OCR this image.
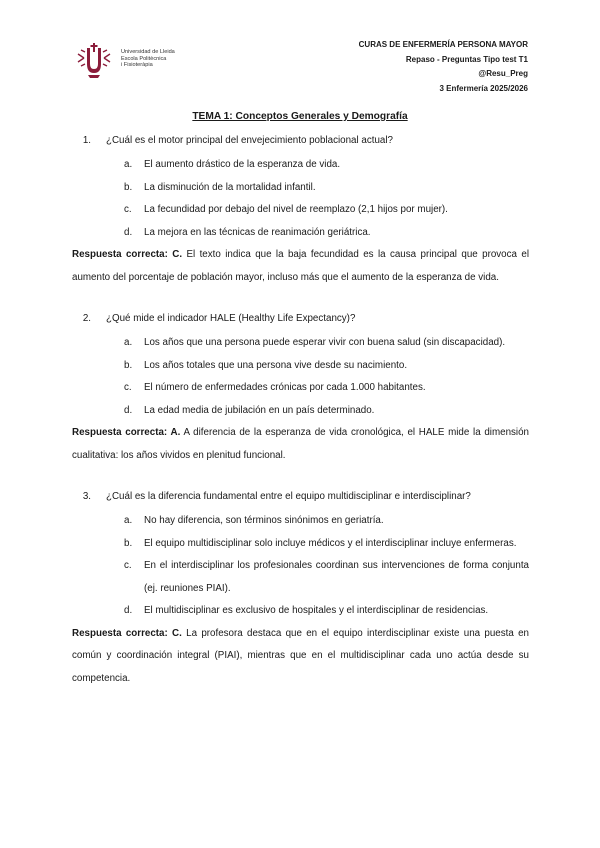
Universidad de Lleida
Escola Politècnica
i Fisioteràpia
CURAS DE ENFERMERÍA PERSONA MAYOR
Repaso - Preguntas Tipo test T1
@Resu_Preg
3 Enfermería 2025/2026
TEMA 1: Conceptos Generales y Demografía
1.	¿Cuál es el motor principal del envejecimiento poblacional actual?
a.	El aumento drástico de la esperanza de vida.
b.	La disminución de la mortalidad infantil.
c.	La fecundidad por debajo del nivel de reemplazo (2,1 hijos por mujer).
d.	La mejora en las técnicas de reanimación geriátrica.
Respuesta correcta: C. El texto indica que la baja fecundidad es la causa principal que provoca el aumento del porcentaje de población mayor, incluso más que el aumento de la esperanza de vida.
2.	¿Qué mide el indicador HALE (Healthy Life Expectancy)?
a.	Los años que una persona puede esperar vivir con buena salud (sin discapacidad).
b.	Los años totales que una persona vive desde su nacimiento.
c.	El número de enfermedades crónicas por cada 1.000 habitantes.
d.	La edad media de jubilación en un país determinado.
Respuesta correcta: A. A diferencia de la esperanza de vida cronológica, el HALE mide la dimensión cualitativa: los años vividos en plenitud funcional.
3.	¿Cuál es la diferencia fundamental entre el equipo multidisciplinar e interdisciplinar?
a.	No hay diferencia, son términos sinónimos en geriatría.
b.	El equipo multidisciplinar solo incluye médicos y el interdisciplinar incluye enfermeras.
c.	En el interdisciplinar los profesionales coordinan sus intervenciones de forma conjunta (ej. reuniones PIAI).
d.	El multidisciplinar es exclusivo de hospitales y el interdisciplinar de residencias.
Respuesta correcta: C. La profesora destaca que en el equipo interdisciplinar existe una puesta en común y coordinación integral (PIAI), mientras que en el multidisciplinar cada uno actúa desde su competencia.
